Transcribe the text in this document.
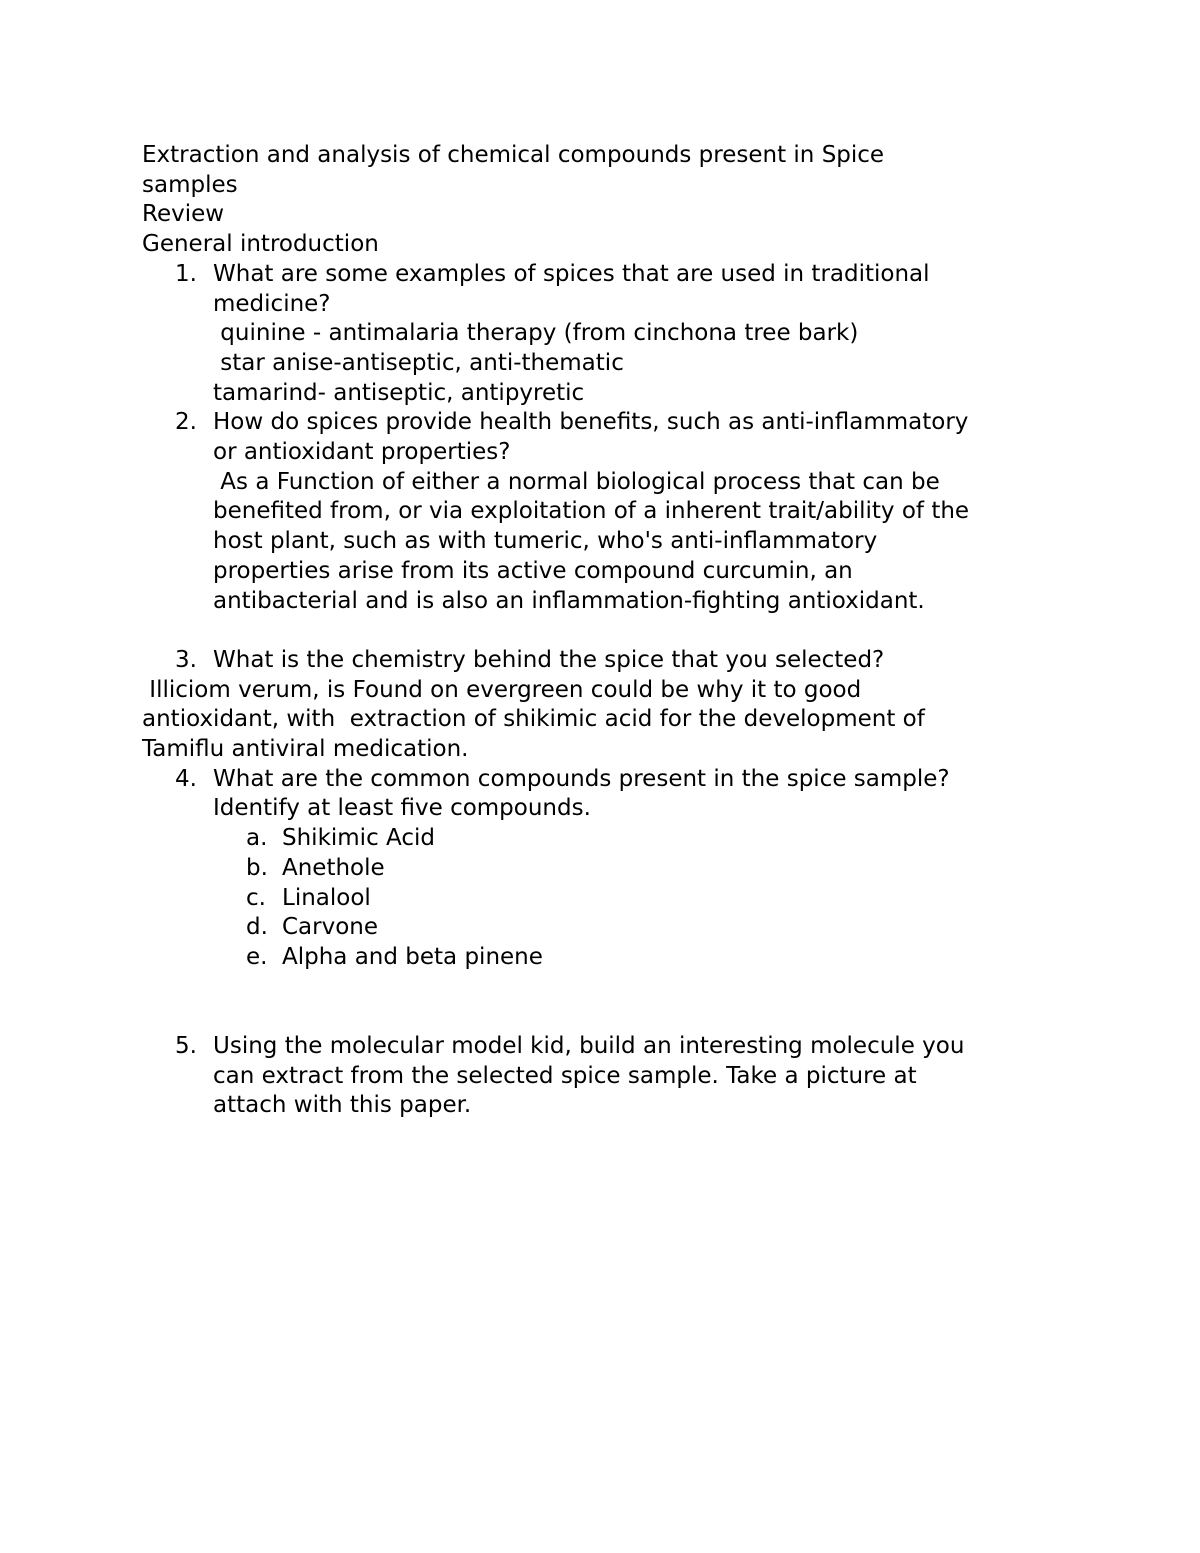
Extraction and analysis of chemical compounds present in Spice
samples
Review
General introduction
1. What are some examples of spices that are used in traditional
medicine?
quinine - antimalaria therapy (from cinchona tree bark)
star anise-antiseptic, anti-thematic
tamarind- antiseptic, antipyretic
2. How do spices provide health benefits, such as anti-inflammatory
or antioxidant properties?
As a Function of either a normal biological process that can be
benefited from, or via exploitation of a inherent trait/ability of the
host plant, such as with tumeric, who's anti-inflammatory
properties arise from its active compound curcumin, an
antibacterial and is also an inflammation-fighting antioxidant.
3. What is the chemistry behind the spice that you selected?
Illiciom verum, is Found on evergreen could be why it to good
antioxidant, with  extraction of shikimic acid for the development of
Tamiflu antiviral medication.
4. What are the common compounds present in the spice sample?
Identify at least five compounds.
a. Shikimic Acid
b. Anethole
c. Linalool
d. Carvone
e. Alpha and beta pinene
5. Using the molecular model kid, build an interesting molecule you
can extract from the selected spice sample. Take a picture at
attach with this paper.
